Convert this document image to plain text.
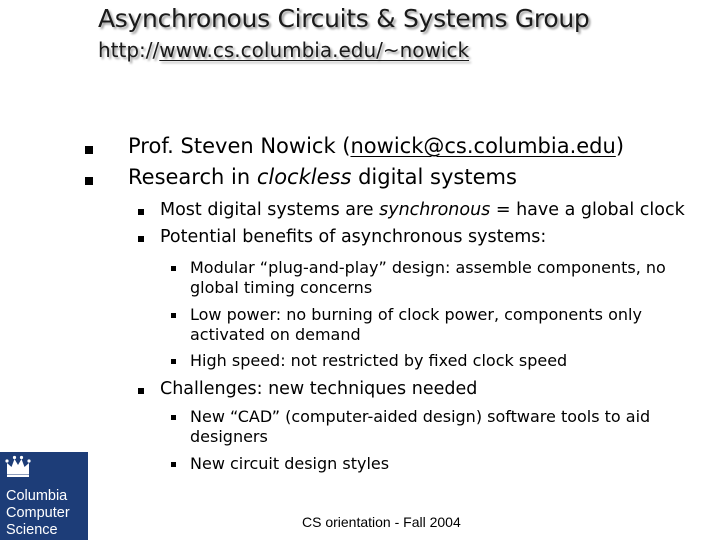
Asynchronous Circuits & Systems Group
http://www.cs.columbia.edu/~nowick
Prof. Steven Nowick (nowick@cs.columbia.edu)
Research in clockless digital systems
Most digital systems are synchronous = have a global clock
Potential benefits of asynchronous systems:
Modular “plug-and-play” design: assemble components, no
global timing concerns
Low power: no burning of clock power, components only
activated on demand
High speed: not restricted by fixed clock speed
Challenges: new techniques needed
New “CAD” (computer-aided design) software tools to aid
designers
New circuit design styles
Columbia
Computer
Science	CS orientation - Fall 2004
